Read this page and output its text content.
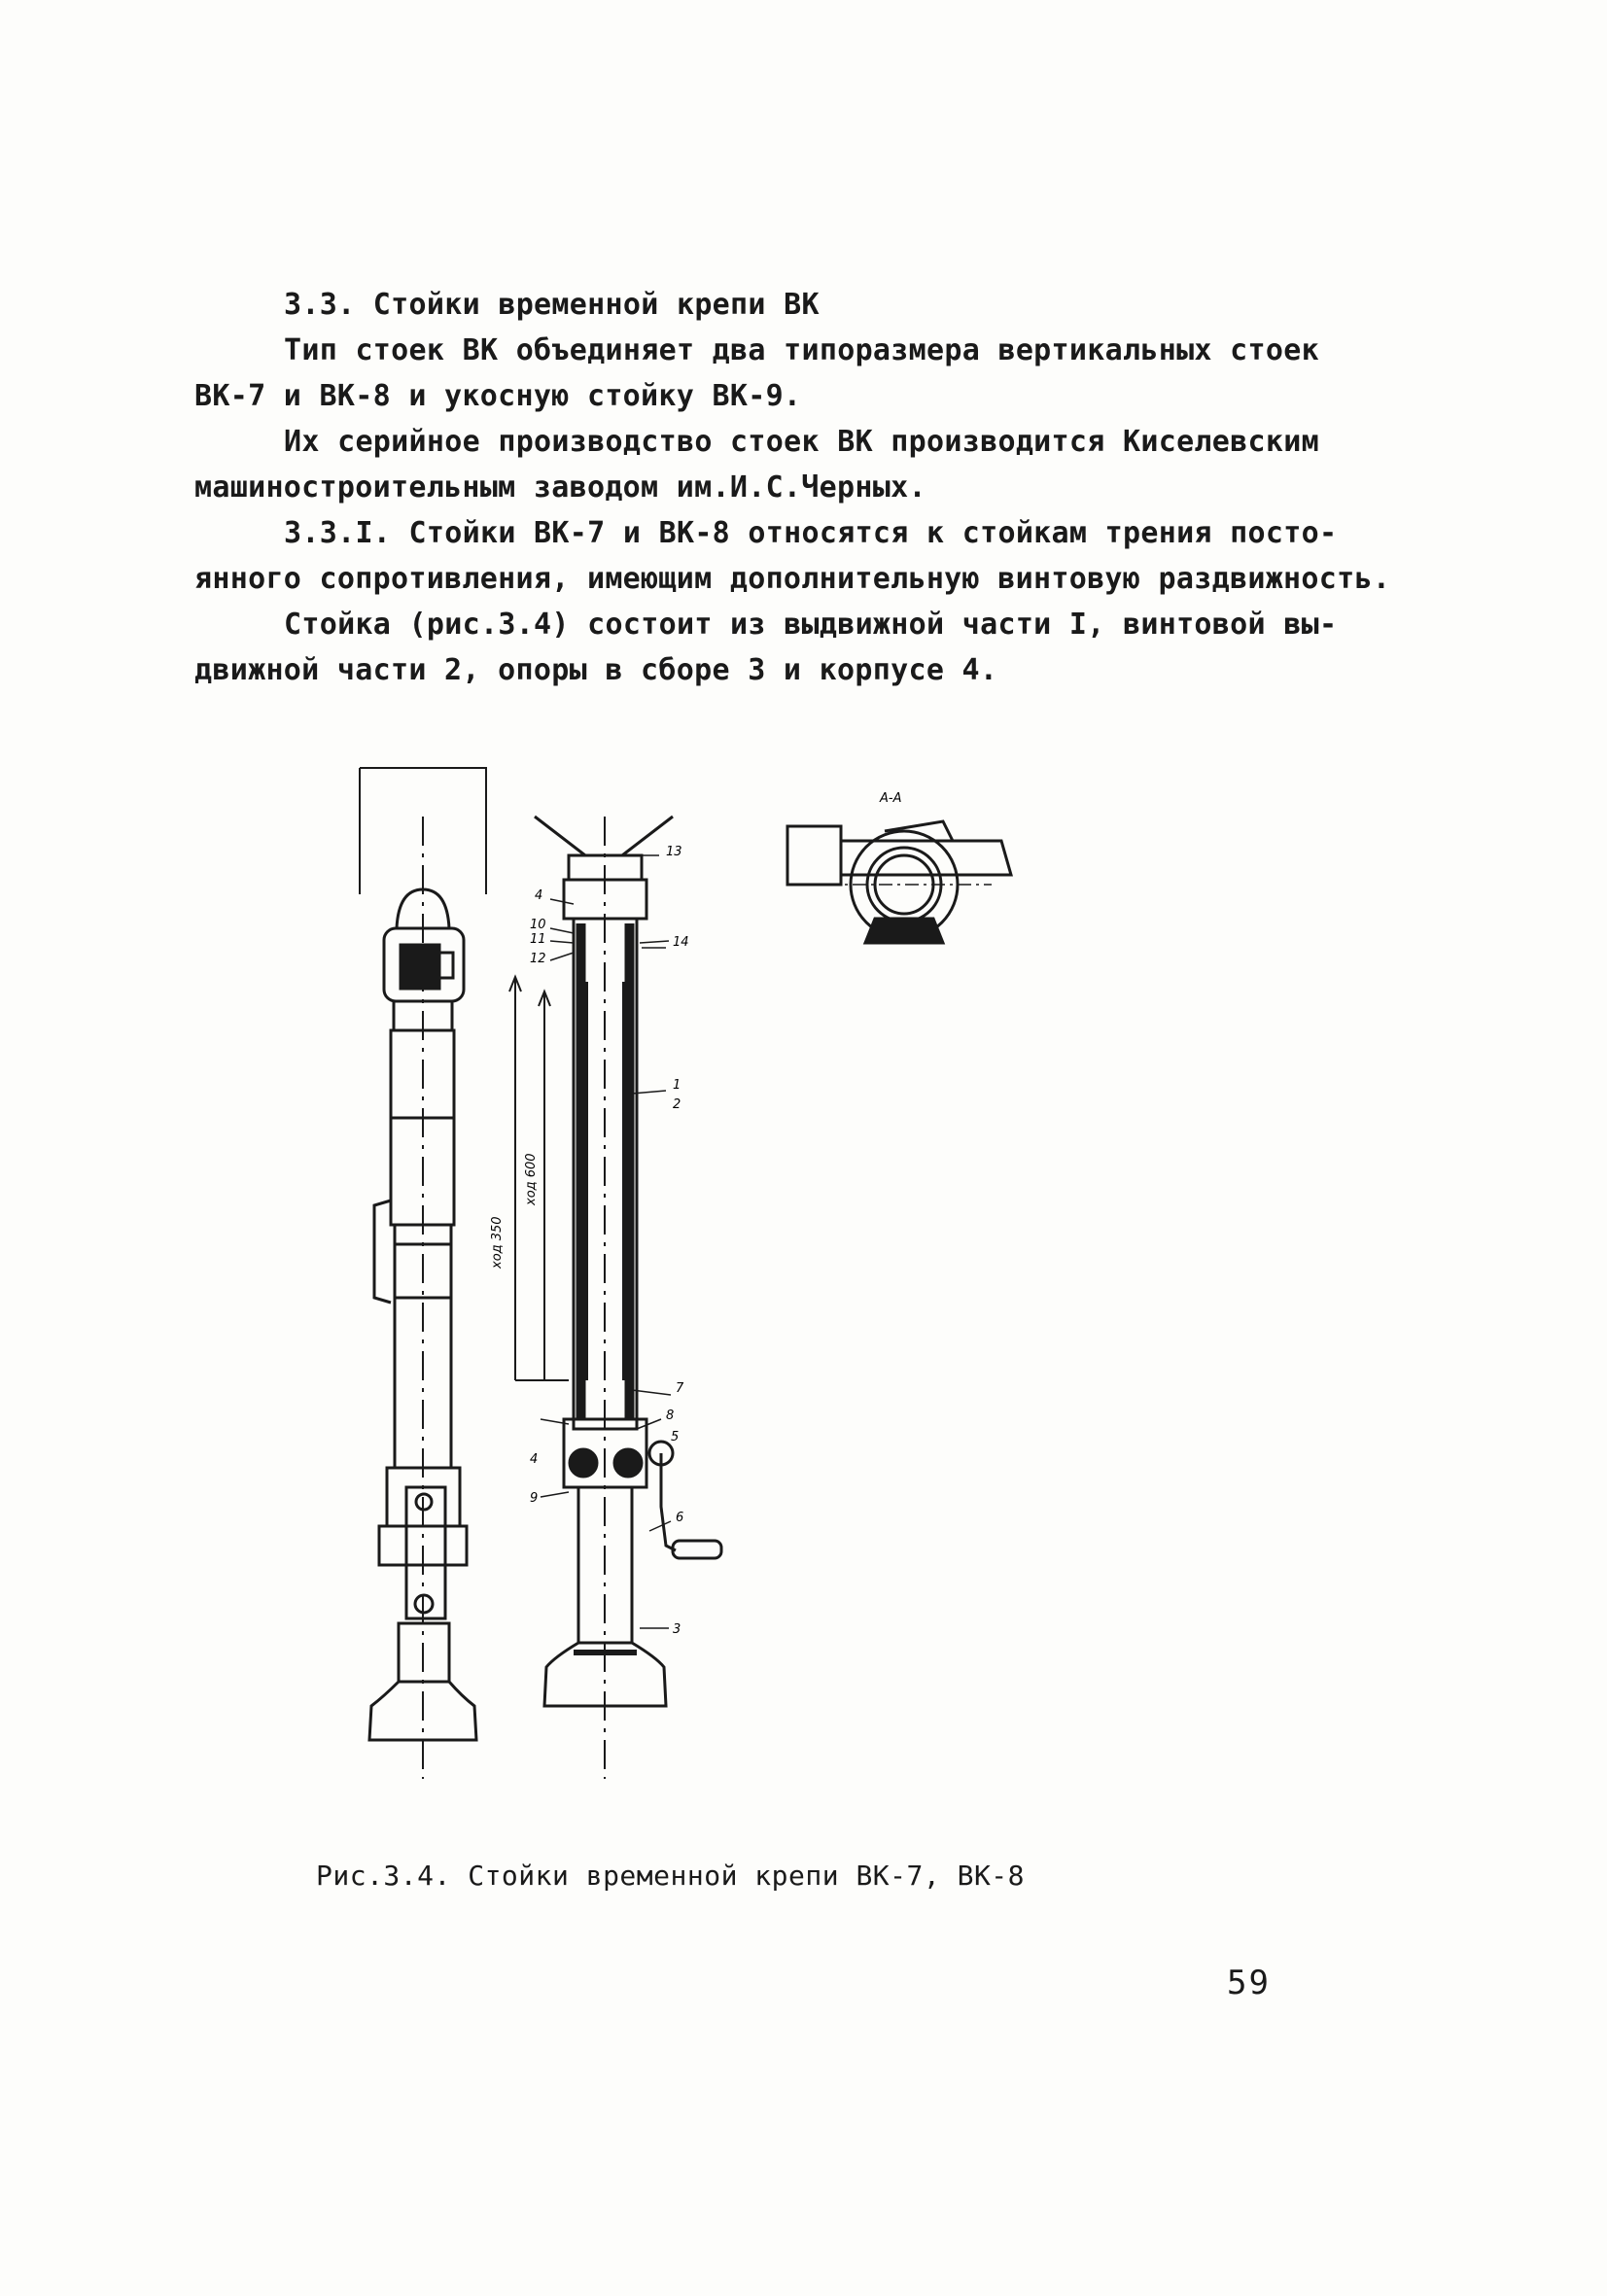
3.3. Стойки временной крепи ВК
Тип стоек ВК объединяет два типоразмера вертикальных стоек
ВК-7 и ВК-8 и укосную стойку ВК-9.
Их серийное производство стоек ВК производится Киселевским
машиностроительным заводом им.И.С.Черных.
3.3.I. Стойки ВК-7 и ВК-8 относятся к стойкам трения посто-
янного сопротивления, имеющим дополнительную винтовую раздвижность.
Стойка (рис.3.4) состоит из выдвижной части I, винтовой вы-
движной части 2, опоры в сборе 3 и корпусе 4.
А-А
ход 350
ход 600
13
4
14
10
11
12
1
2
7
8
5
4
9
6
3
Рис.3.4. Стойки временной крепи ВК-7, ВК-8
59
